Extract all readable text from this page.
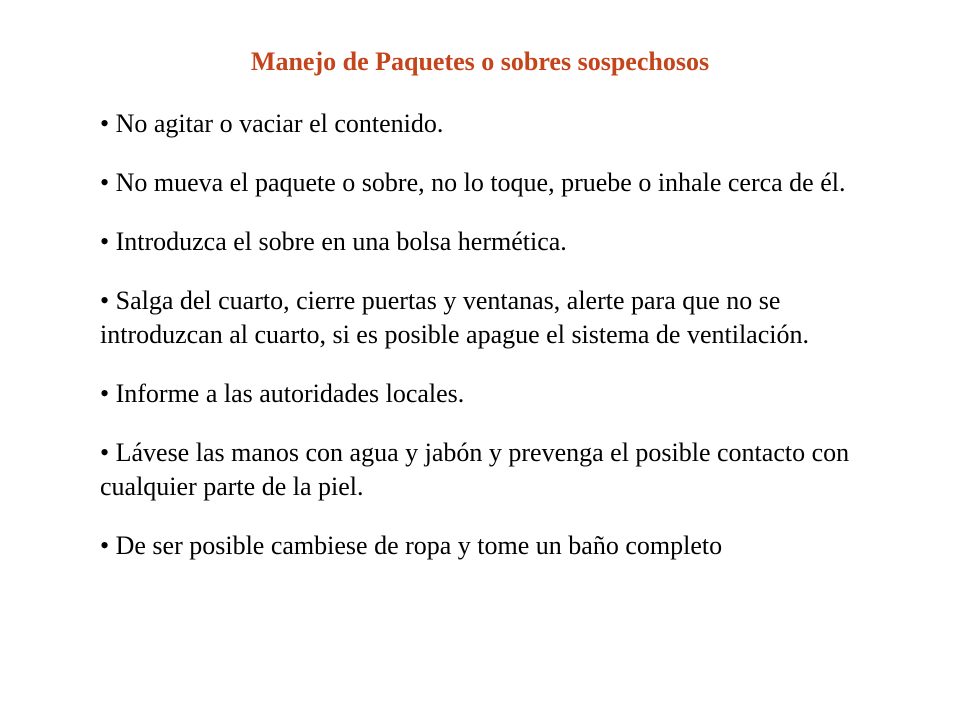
Manejo de Paquetes o sobres sospechosos
• No agitar o vaciar el contenido.
• No mueva el paquete o sobre, no lo toque, pruebe o inhale cerca de él.
• Introduzca el sobre en una bolsa hermética.
• Salga del cuarto, cierre puertas y ventanas, alerte para que no se introduzcan al cuarto, si es posible apague el sistema de ventilación.
• Informe a las autoridades locales.
• Lávese las manos con agua y jabón y prevenga el posible contacto con cualquier parte de la piel.
• De ser posible cambiese de ropa y tome un baño completo
